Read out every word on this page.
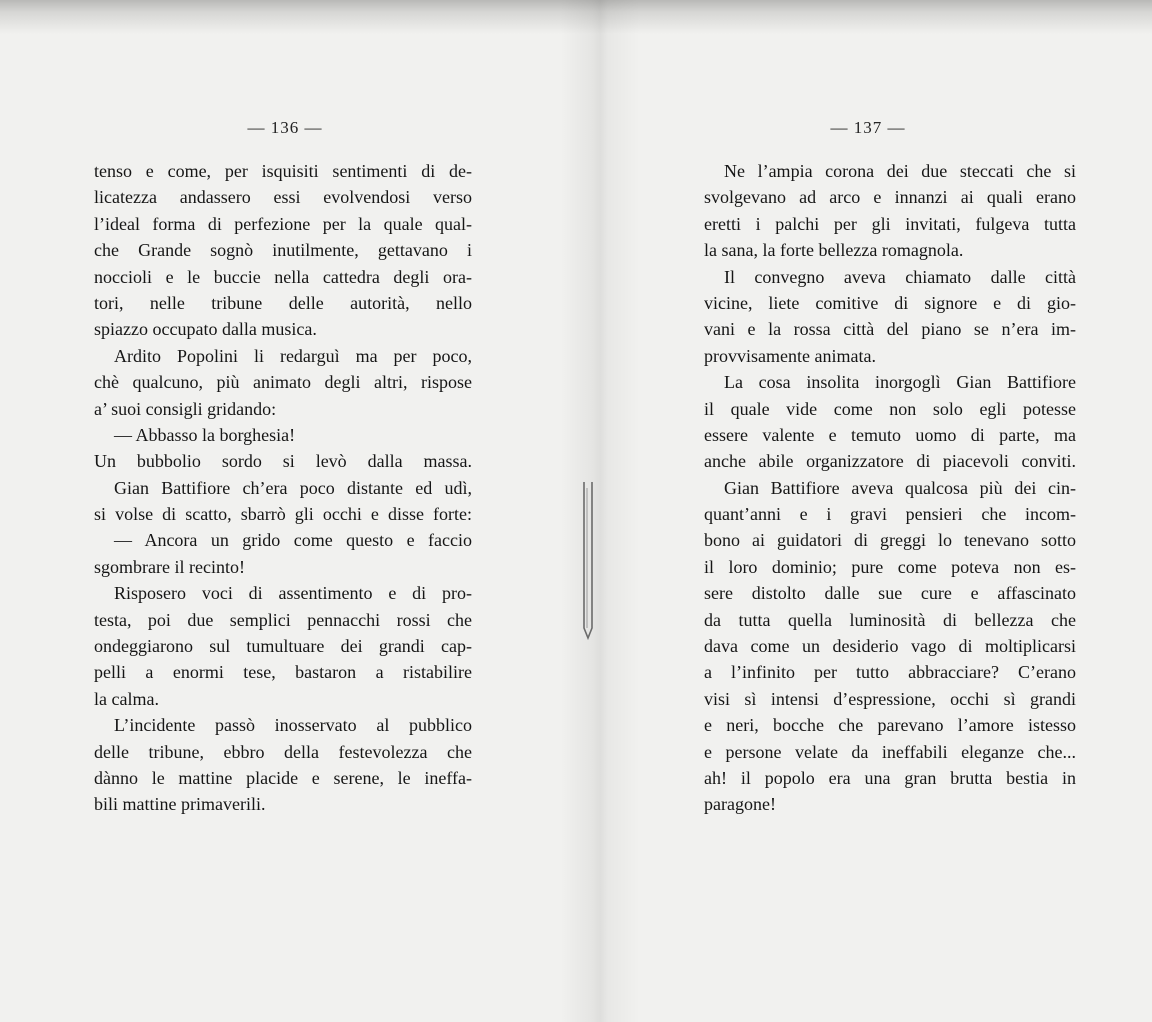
— 136 —
tenso e come, per isquisiti sentimenti di de-
licatezza andassero essi evolvendosi verso
l’ideal forma di perfezione per la quale qual-
che Grande sognò inutilmente, gettavano i
noccioli e le buccie nella cattedra degli ora-
tori, nelle tribune delle autorità, nello
spiazzo occupato dalla musica.
Ardito Popolini li redarguì ma per poco,
chè qualcuno, più animato degli altri, rispose
a’ suoi consigli gridando:
— Abbasso la borghesia!
Un bubbolio sordo si levò dalla massa.
Gian Battifiore ch’era poco distante ed udì,
si volse di scatto, sbarrò gli occhi e disse forte:
— Ancora un grido come questo e faccio
sgombrare il recinto!
Risposero voci di assentimento e di pro-
testa, poi due semplici pennacchi rossi che
ondeggiarono sul tumultuare dei grandi cap-
pelli a enormi tese, bastaron a ristabilire
la calma.
L’incidente passò inosservato al pubblico
delle tribune, ebbro della festevolezza che
dànno le mattine placide e serene, le ineffa-
bili mattine primaverili.
— 137 —
Ne l’ampia corona dei due steccati che si
svolgevano ad arco e innanzi ai quali erano
eretti i palchi per gli invitati, fulgeva tutta
la sana, la forte bellezza romagnola.
Il convegno aveva chiamato dalle città
vicine, liete comitive di signore e di gio-
vani e la rossa città del piano se n’era im-
provvisamente animata.
La cosa insolita inorgoglì Gian Battifiore
il quale vide come non solo egli potesse
essere valente e temuto uomo di parte, ma
anche abile organizzatore di piacevoli conviti.
Gian Battifiore aveva qualcosa più dei cin-
quant’anni e i gravi pensieri che incom-
bono ai guidatori di greggi lo tenevano sotto
il loro dominio; pure come poteva non es-
sere distolto dalle sue cure e affascinato
da tutta quella luminosità di bellezza che
dava come un desiderio vago di moltiplicarsi
a l’infinito per tutto abbracciare? C’erano
visi sì intensi d’espressione, occhi sì grandi
e neri, bocche che parevano l’amore istesso
e persone velate da ineffabili eleganze che...
ah! il popolo era una gran brutta bestia in
paragone!
